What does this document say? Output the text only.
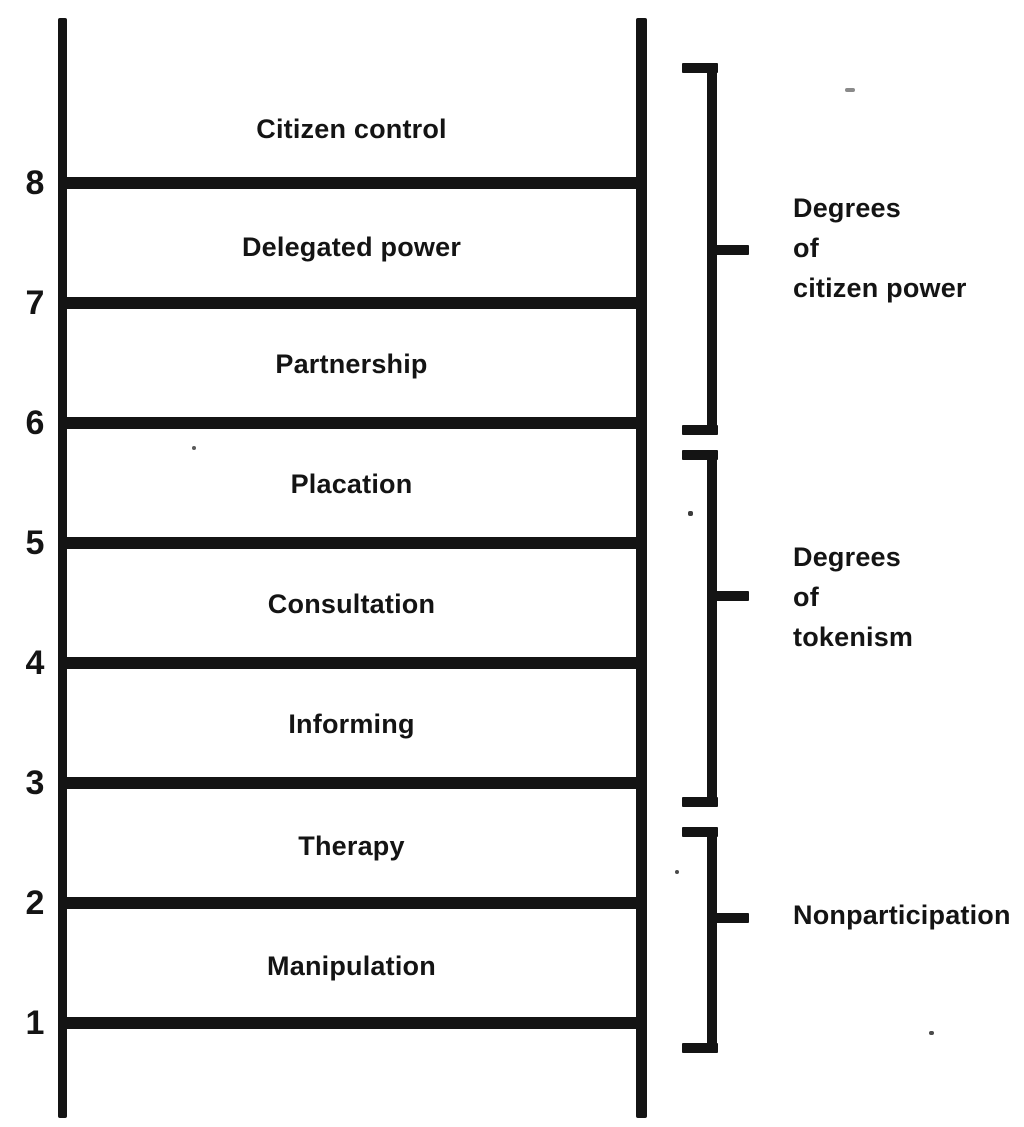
8
7
6
5
4
3
2
1
Citizen control
Delegated power
Partnership
Placation
Consultation
Informing
Therapy
Manipulation
Degrees
of
citizen power
Degrees
of
tokenism
Nonparticipation
